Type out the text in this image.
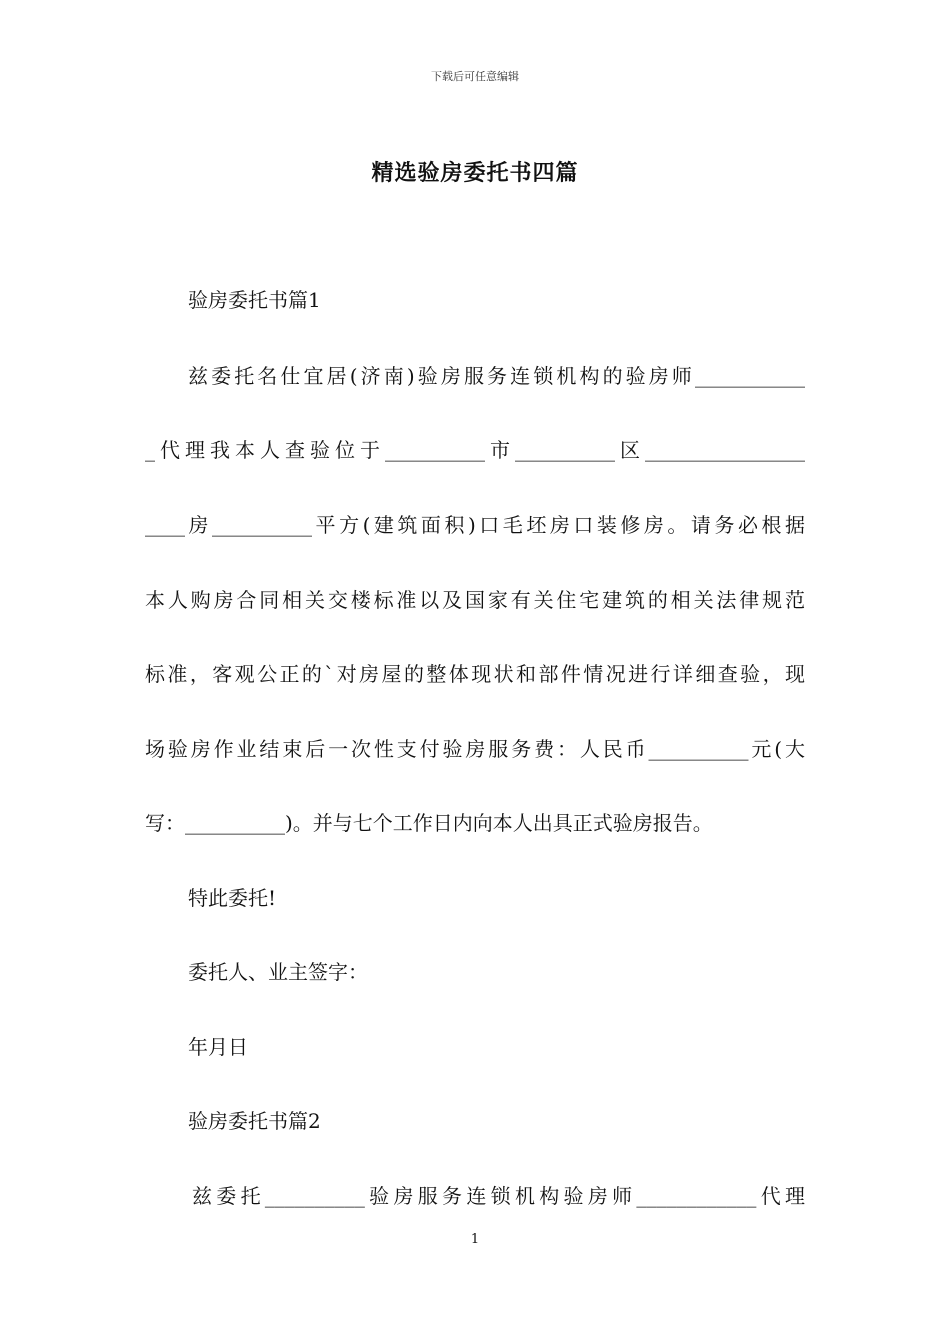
下载后可任意编辑
精选验房委托书四篇
验房委托书篇1
兹委托名仕宜居(济南)验房服务连锁机构的验房师___________
_代理我本人查验位于__________市__________区________________
____房__________平方(建筑面积)口毛坯房口装修房。请务必根据
本人购房合同相关交楼标准以及国家有关住宅建筑的相关法律规范
标准，客观公正的`对房屋的整体现状和部件情况进行详细查验，现
场验房作业结束后一次性支付验房服务费：人民币__________元(大
写：__________)。并与七个工作日内向本人出具正式验房报告。
特此委托!
委托人、业主签字：
年月日
验房委托书篇2
兹委托__________验房服务连锁机构验房师____________代理
1
